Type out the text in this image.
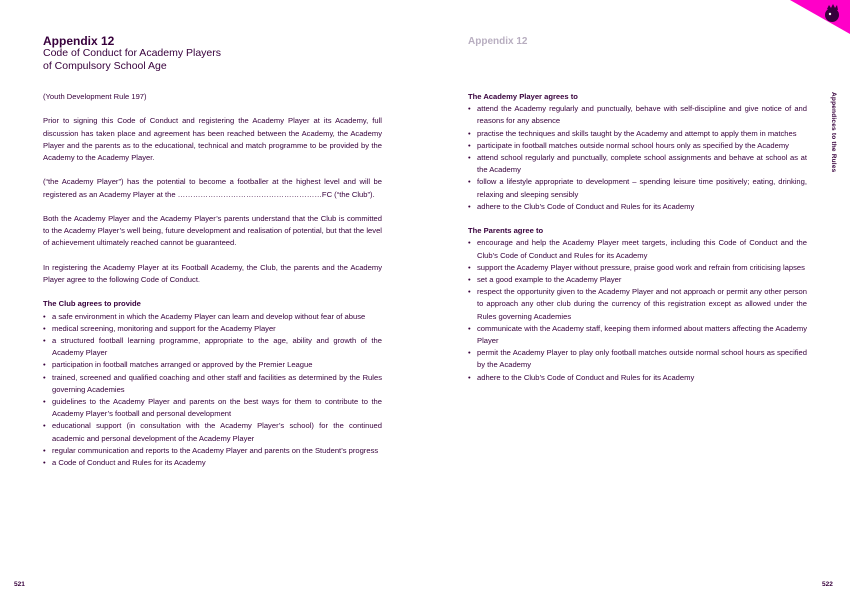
Appendix 12
Code of Conduct for Academy Players
of Compulsory School Age

(Youth Development Rule 197)

Prior to signing this Code of Conduct and registering the Academy Player at its Academy, full discussion has taken place and agreement has been reached between the Academy, the Academy Player and the parents as to the educational, technical and match programme to be provided by the Academy to the Academy Player.

(“the Academy Player”) has the potential to become a footballer at the highest level and will be registered as an Academy Player at the …………………………………………………FC (“the Club”).

Both the Academy Player and the Academy Player’s parents understand that the Club is committed to the Academy Player’s well being, future development and realisation of potential, but that the level of achievement ultimately reached cannot be guaranteed.

In registering the Academy Player at its Football Academy, the Club, the parents and the Academy Player agree to the following Code of Conduct.

The Club agrees to provide
• a safe environment in which the Academy Player can learn and develop without fear of abuse
• medical screening, monitoring and support for the Academy Player
• a structured football learning programme, appropriate to the age, ability and growth of the Academy Player
• participation in football matches arranged or approved by the Premier League
• trained, screened and qualified coaching and other staff and facilities as determined by the Rules governing Academies
• guidelines to the Academy Player and parents on the best ways for them to contribute to the Academy Player’s football and personal development
• educational support (in consultation with the Academy Player’s school) for the continued academic and personal development of the Academy Player
• regular communication and reports to the Academy Player and parents on the Student’s progress
• a Code of Conduct and Rules for its Academy
521
Appendix 12
The Academy Player agrees to
• attend the Academy regularly and punctually, behave with self-discipline and give notice of and reasons for any absence
• practise the techniques and skills taught by the Academy and attempt to apply them in matches
• participate in football matches outside normal school hours only as specified by the Academy
• attend school regularly and punctually, complete school assignments and behave at school as at the Academy
• follow a lifestyle appropriate to development – spending leisure time positively; eating, drinking, relaxing and sleeping sensibly
• adhere to the Club’s Code of Conduct and Rules for its Academy
The Parents agree to
• encourage and help the Academy Player meet targets, including this Code of Conduct and the Club’s Code of Conduct and Rules for its Academy
• support the Academy Player without pressure, praise good work and refrain from criticising lapses
• set a good example to the Academy Player
• respect the opportunity given to the Academy Player and not approach or permit any other person to approach any other club during the currency of this registration except as allowed under the Rules governing Academies
• communicate with the Academy staff, keeping them informed about matters affecting the Academy Player
• permit the Academy Player to play only football matches outside normal school hours as specified by the Academy
• adhere to the Club’s Code of Conduct and Rules for its Academy
522
Appendices to the Rules
